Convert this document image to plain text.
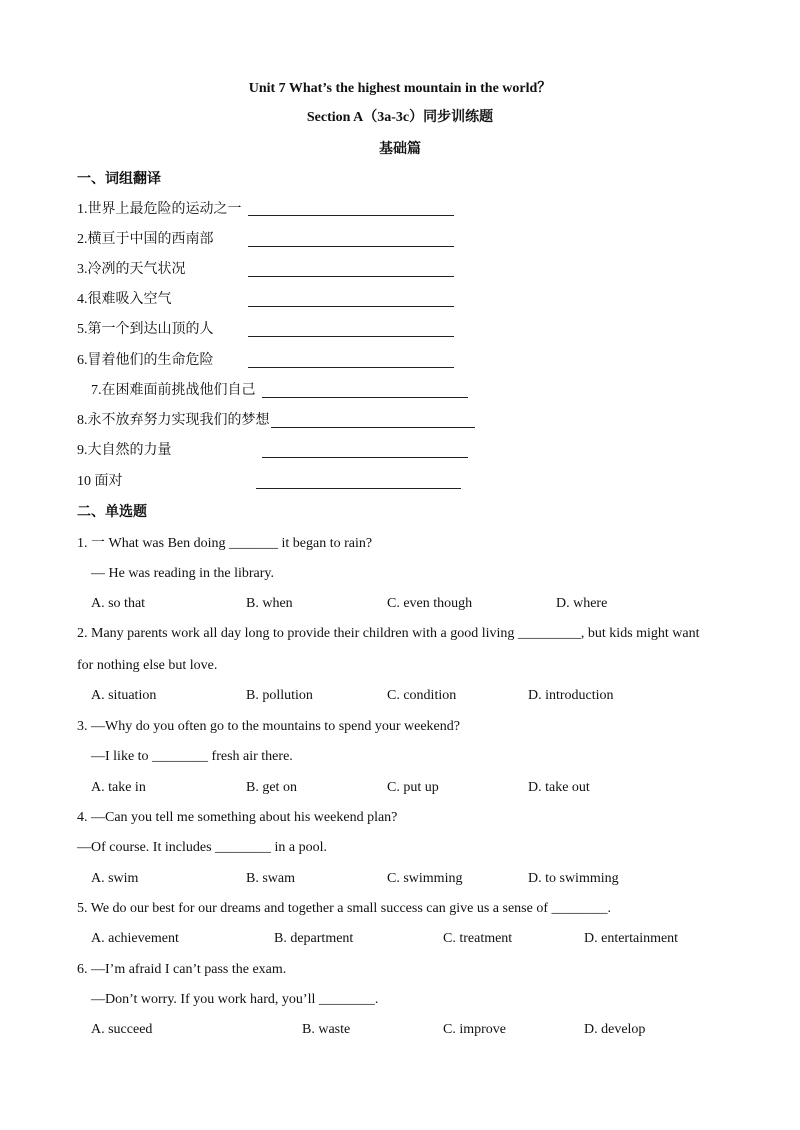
Unit 7 What’s the highest mountain in the world？
Section A（3a-3c）同步训练题
基础篇
一、词组翻译
1.世界上最危险的运动之一
2.横亘于中国的西南部
3.冷冽的天气状况
4.很难吸入空气
5.第一个到达山顶的人
6.冒着他们的生命危险
7.在困难面前挑战他们自己
8.永不放弃努力实现我们的梦想
9.大自然的力量
10 面对
二、单选题
1. 一 What was Ben doing _______ it began to rain?
— He was reading in the library.
A. so that	B. when	C. even though	D. where
2. Many parents work all day long to provide their children with a good living _________, but kids might want
for nothing else but love.
A. situation	B. pollution	C. condition	D. introduction
3. —Why do you often go to the mountains to spend your weekend?
—I like to ________ fresh air there.
A. take in	B. get on	C. put up	D. take out
4. —Can you tell me something about his weekend plan?
—Of course. It includes ________ in a pool.
A. swim	B. swam	C. swimming	D. to swimming
5. We do our best for our dreams and together a small success can give us a sense of ________.
A. achievement	B. department	C. treatment	D. entertainment
6. —I’m afraid I can’t pass the exam.
—Don’t worry. If you work hard, you’ll ________.
A. succeed	B. waste	C. improve	D. develop
